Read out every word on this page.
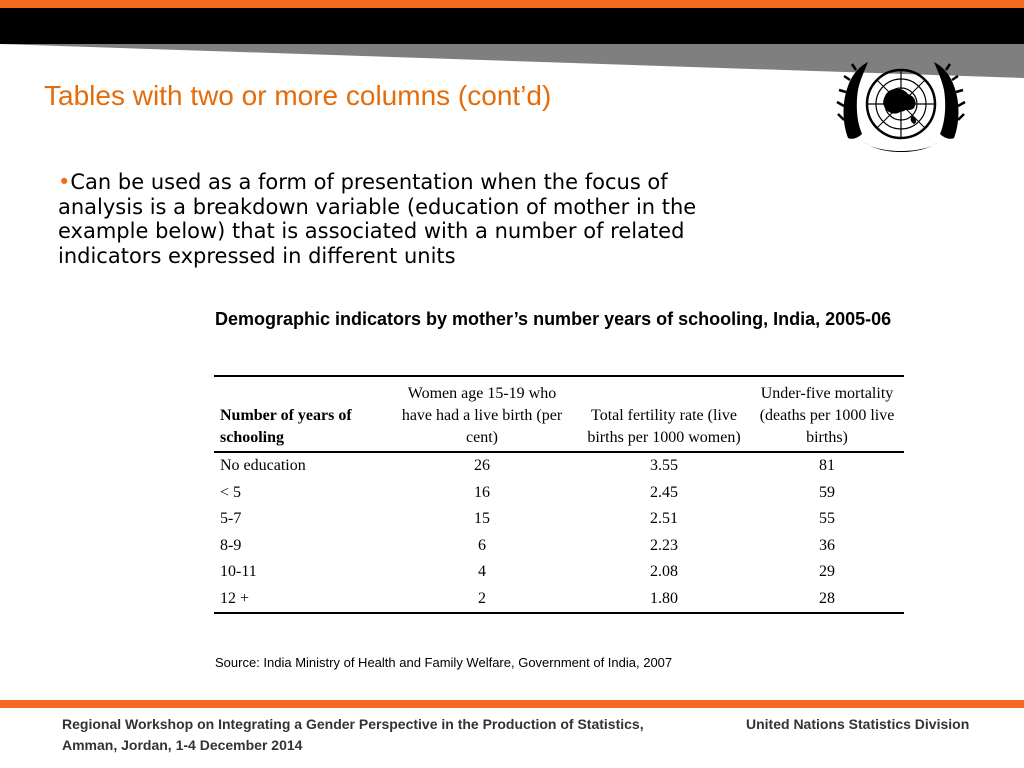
Tables with two or more columns (cont’d)
•Can be used as a form of presentation when the focus of analysis is a breakdown variable (education of mother in the example below) that is associated with a number of related indicators expressed in different units
Demographic indicators by mother’s number years of schooling, India, 2005-06
Number of years of schooling	Women age 15-19 who have had a live birth (per cent)	Total fertility rate (live births per 1000 women)	Under-five mortality (deaths per 1000 live births)
No education	26	3.55	81
< 5	16	2.45	59
5-7	15	2.51	55
8-9	6	2.23	36
10-11	4	2.08	29
12 +	2	1.80	28
Source: India Ministry of Health and Family Welfare, Government of India, 2007
Regional Workshop on Integrating a Gender Perspective in the Production of Statistics, Amman, Jordan, 1-4 December 2014
United Nations Statistics Division
